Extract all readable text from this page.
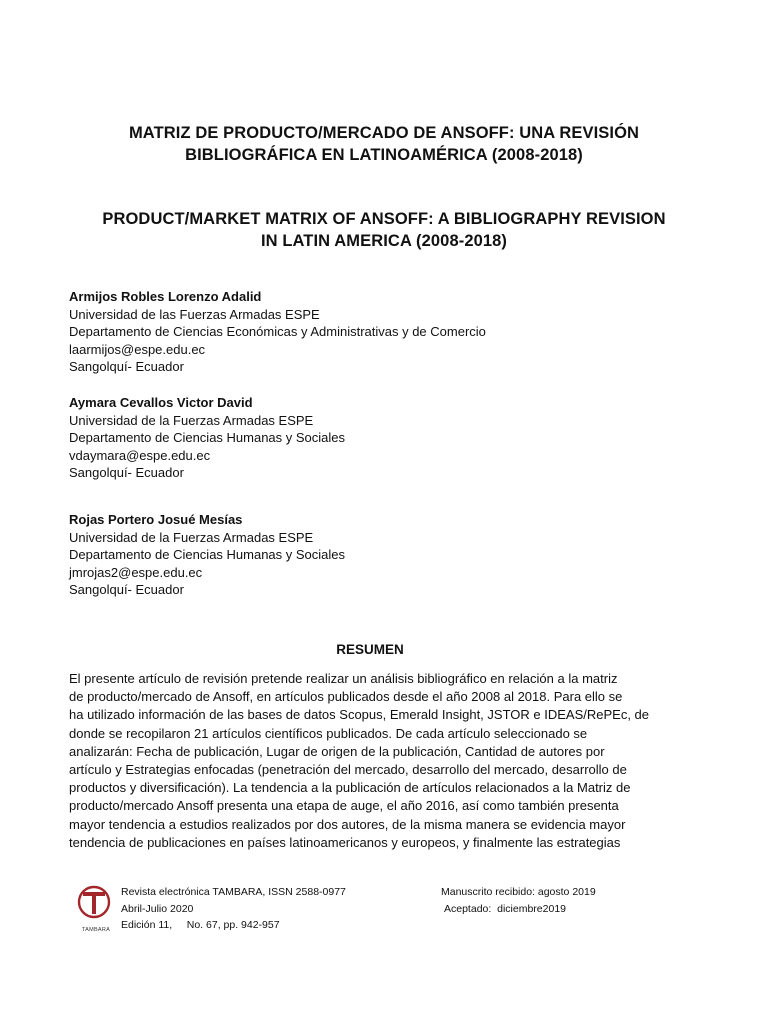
MATRIZ DE PRODUCTO/MERCADO DE ANSOFF: UNA REVISIÓN
BIBLIOGRÁFICA EN LATINOAMÉRICA (2008-2018)
PRODUCT/MARKET MATRIX OF ANSOFF: A BIBLIOGRAPHY REVISION
IN LATIN AMERICA (2008-2018)
Armijos Robles Lorenzo Adalid
Universidad de las Fuerzas Armadas ESPE
Departamento de Ciencias Económicas y Administrativas y de Comercio
laarmijos@espe.edu.ec
Sangolquí- Ecuador
Aymara Cevallos Victor David
Universidad de la Fuerzas Armadas ESPE
Departamento de Ciencias Humanas y Sociales
vdaymara@espe.edu.ec
Sangolquí- Ecuador
Rojas Portero Josué Mesías
Universidad de la Fuerzas Armadas ESPE
Departamento de Ciencias Humanas y Sociales
jmrojas2@espe.edu.ec
Sangolquí- Ecuador
RESUMEN
El presente artículo de revisión pretende realizar un análisis bibliográfico en relación a la matriz
de producto/mercado de Ansoff, en artículos publicados desde el año 2008 al 2018. Para ello se
ha utilizado información de las bases de datos Scopus, Emerald Insight, JSTOR e IDEAS/RePEc, de
donde se recopilaron 21 artículos científicos publicados. De cada artículo seleccionado se
analizarán: Fecha de publicación, Lugar de origen de la publicación, Cantidad de autores por
artículo y Estrategias enfocadas (penetración del mercado, desarrollo del mercado, desarrollo de
productos y diversificación). La tendencia a la publicación de artículos relacionados a la Matriz de
producto/mercado Ansoff presenta una etapa de auge, el año 2016, así como también presenta
mayor tendencia a estudios realizados por dos autores, de la misma manera se evidencia mayor
tendencia de publicaciones en países latinoamericanos y europeos, y finalmente las estrategias
TAMBARA
Revista electrónica TAMBARA, ISSN 2588-0977
Abril-Julio 2020
Edición 11,     No. 67, pp. 942-957
Manuscrito recibido: agosto 2019
Aceptado:  diciembre2019
